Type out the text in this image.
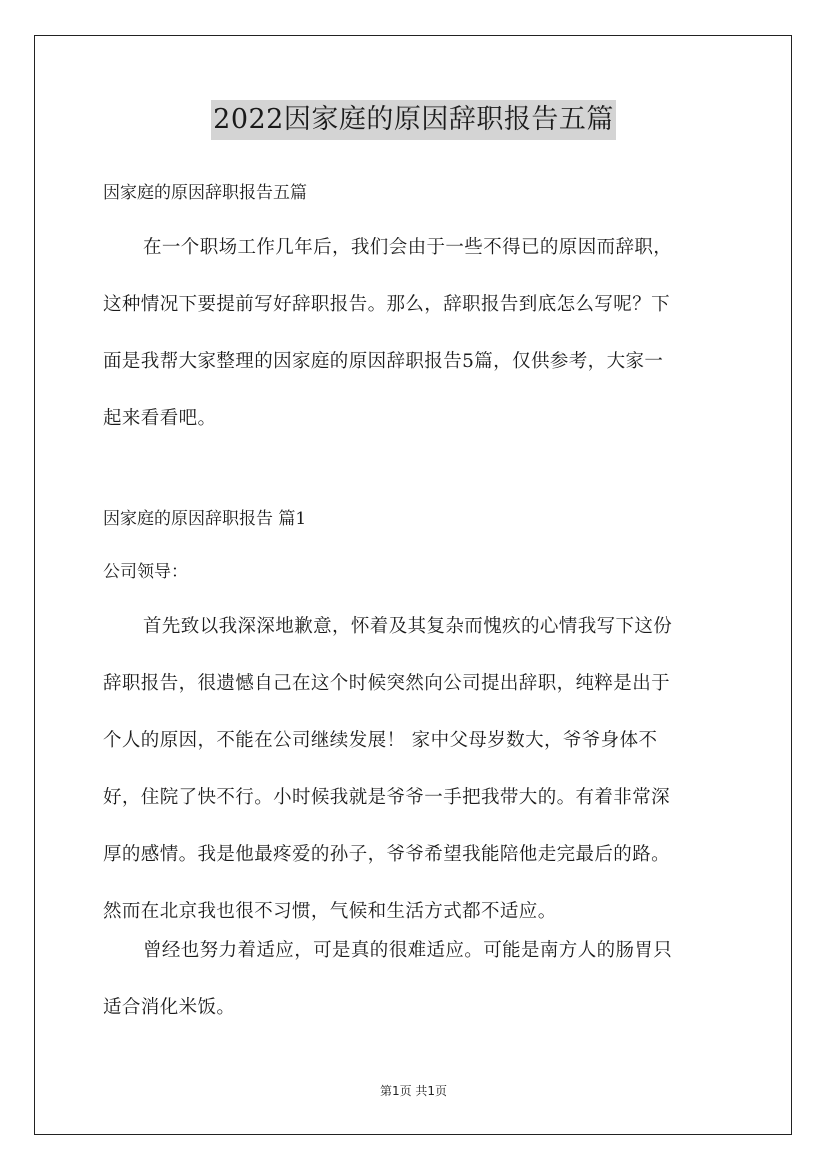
2022因家庭的原因辞职报告五篇
因家庭的原因辞职报告五篇
在一个职场工作几年后，我们会由于一些不得已的原因而辞职，
这种情况下要提前写好辞职报告。那么，辞职报告到底怎么写呢？下
面是我帮大家整理的因家庭的原因辞职报告5篇，仅供参考，大家一
起来看看吧。
因家庭的原因辞职报告 篇1
公司领导：
首先致以我深深地歉意，怀着及其复杂而愧疚的心情我写下这份
辞职报告，很遗憾自己在这个时候突然向公司提出辞职，纯粹是出于
个人的原因，不能在公司继续发展！ 家中父母岁数大，爷爷身体不
好，住院了快不行。小时候我就是爷爷一手把我带大的。有着非常深
厚的感情。我是他最疼爱的孙子，爷爷希望我能陪他走完最后的路。
然而在北京我也很不习惯，气候和生活方式都不适应。
曾经也努力着适应，可是真的很难适应。可能是南方人的肠胃只
适合消化米饭。
第1页 共1页
